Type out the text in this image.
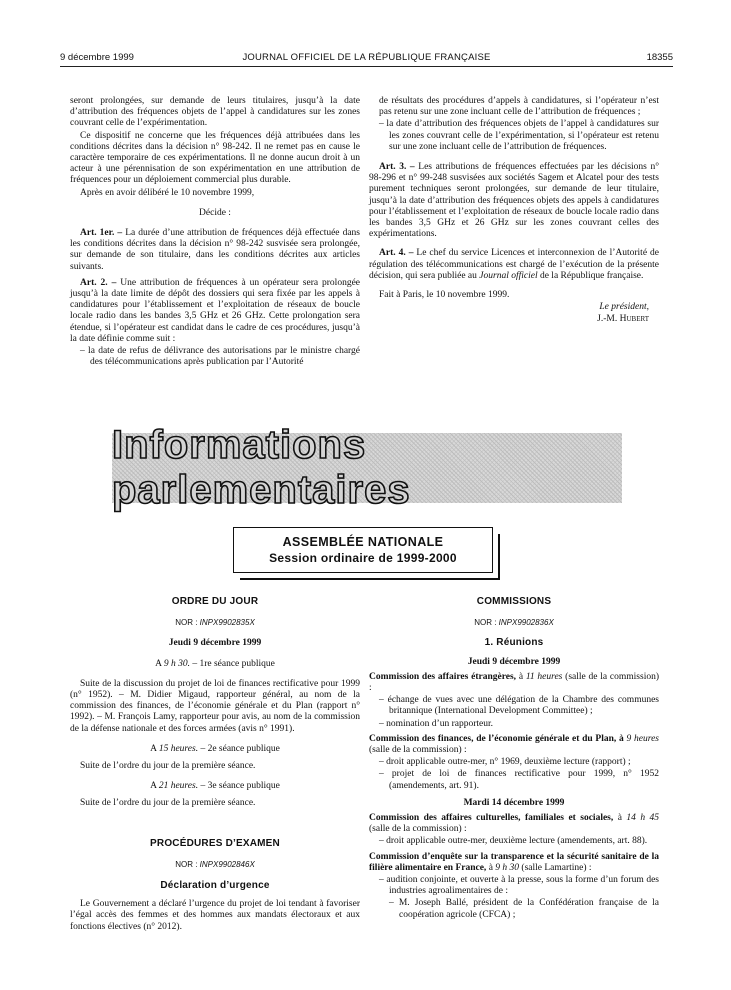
9 décembre 1999	JOURNAL OFFICIEL DE LA RÉPUBLIQUE FRANÇAISE	18355

seront prolongées, sur demande de leurs titulaires, jusqu’à la date d’attribution des fréquences objets de l’appel à candidatures sur les zones couvrant celle de l’expérimentation.

Ce dispositif ne concerne que les fréquences déjà attribuées dans les conditions décrites dans la décision n° 98-242. Il ne remet pas en cause le caractère temporaire de ces expérimentations. Il ne donne aucun droit à un acteur à une pérennisation de son expérimentation en une attribution de fréquences pour un déploiement commercial plus durable.

Après en avoir délibéré le 10 novembre 1999,

Décide :

Art. 1er. – La durée d’une attribution de fréquences déjà effectuée dans les conditions décrites dans la décision n° 98-242 susvisée sera prolongée, sur demande de son titulaire, dans les conditions décrites aux articles suivants.

Art. 2. – Une attribution de fréquences à un opérateur sera prolongée jusqu’à la date limite de dépôt des dossiers qui sera fixée par les appels à candidatures pour l’établissement et l’exploitation de réseaux de boucle locale radio dans les bandes 3,5 GHz et 26 GHz. Cette prolongation sera étendue, si l’opérateur est candidat dans le cadre de ces procédures, jusqu’à la date définie comme suit :

– la date de refus de délivrance des autorisations par le ministre chargé des télécommunications après publication par l’Autorité

de résultats des procédures d’appels à candidatures, si l’opérateur n’est pas retenu sur une zone incluant celle de l’attribution de fréquences ;

– la date d’attribution des fréquences objets de l’appel à candidatures sur les zones couvrant celle de l’expérimentation, si l’opérateur est retenu sur une zone incluant celle de l’attribution de fréquences.

Art. 3. – Les attributions de fréquences effectuées par les décisions n° 98-296 et n° 99-248 susvisées aux sociétés Sagem et Alcatel pour des tests purement techniques seront prolongées, sur demande de leur titulaire, jusqu’à la date d’attribution des fréquences objets des appels à candidatures pour l’établissement et l’exploitation de réseaux de boucle locale radio dans les bandes 3,5 GHz et 26 GHz sur les zones couvrant celles des expérimentations.

Art. 4. – Le chef du service Licences et interconnexion de l’Autorité de régulation des télécommunications est chargé de l’exécution de la présente décision, qui sera publiée au Journal officiel de la République française.

Fait à Paris, le 10 novembre 1999.

Le président,

J.-M. Hubert

Informations parlementaires
ASSEMBLÉE NATIONALE
Session ordinaire de 1999-2000

ORDRE DU JOUR

NOR : INPX9902835X

Jeudi 9 décembre 1999

A 9 h 30. – 1re séance publique

Suite de la discussion du projet de loi de finances rectificative pour 1999 (n° 1952). – M. Didier Migaud, rapporteur général, au nom de la commission des finances, de l’économie générale et du Plan (rapport n° 1992). – M. François Lamy, rapporteur pour avis, au nom de la commission de la défense nationale et des forces armées (avis n° 1991).

A 15 heures. – 2e séance publique

Suite de l’ordre du jour de la première séance.

A 21 heures. – 3e séance publique

Suite de l’ordre du jour de la première séance.

PROCÉDURES D’EXAMEN

NOR : INPX9902846X

Déclaration d’urgence

Le Gouvernement a déclaré l’urgence du projet de loi tendant à favoriser l’égal accès des femmes et des hommes aux mandats électoraux et aux fonctions électives (n° 2012).

COMMISSIONS

NOR : INPX9902836X

1. Réunions

Jeudi 9 décembre 1999

Commission des affaires étrangères, à 11 heures (salle de la commission) :

– échange de vues avec une délégation de la Chambre des communes britannique (International Development Committee) ;

– nomination d’un rapporteur.

Commission des finances, de l’économie générale et du Plan, à 9 heures (salle de la commission) :

– droit applicable outre-mer, n° 1969, deuxième lecture (rapport) ;

– projet de loi de finances rectificative pour 1999, n° 1952 (amendements, art. 91).

Mardi 14 décembre 1999

Commission des affaires culturelles, familiales et sociales, à 14 h 45 (salle de la commission) :

– droit applicable outre-mer, deuxième lecture (amendements, art. 88).

Commission d’enquête sur la transparence et la sécurité sanitaire de la filière alimentaire en France, à 9 h 30 (salle Lamartine) :

– audition conjointe, et ouverte à la presse, sous la forme d’un forum des industries agroalimentaires de :

– M. Joseph Ballé, président de la Confédération française de la coopération agricole (CFCA) ;
